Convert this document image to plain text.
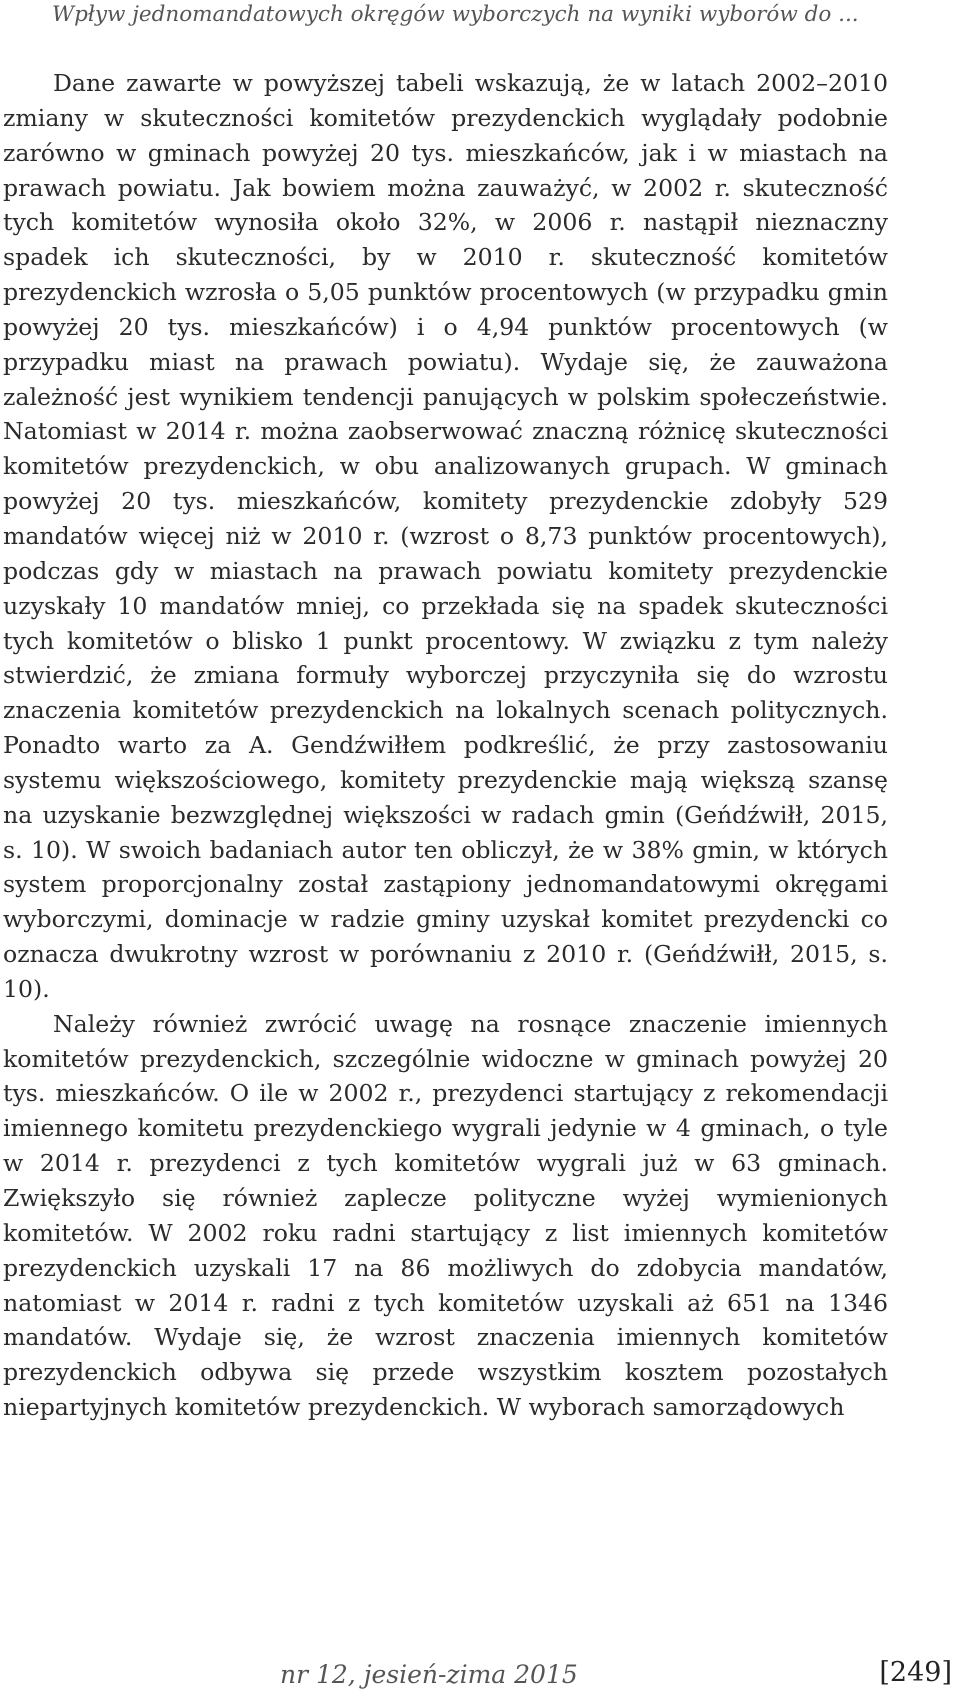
Wpływ jednomandatowych okręgów wyborczych na wyniki wyborów do ...

Dane zawarte w powyższej tabeli wskazują, że w latach 2002–2010 zmiany w skuteczności komitetów prezydenckich wyglądały podobnie zarówno w gminach powyżej 20 tys. mieszkańców, jak i w miastach na prawach powiatu. Jak bowiem można zauważyć, w 2002 r. skuteczność tych komitetów wynosiła około 32%, w 2006 r. nastąpił nieznaczny spadek ich skuteczności, by w 2010 r. skuteczność komitetów prezydenckich wzrosła o 5,05 punktów procentowych (w przypadku gmin powyżej 20 tys. mieszkańców) i o 4,94 punktów procentowych (w przypadku miast na prawach powiatu). Wydaje się, że zauważona zależność jest wynikiem tendencji panujących w polskim społeczeństwie. Natomiast w 2014 r. można zaobserwować znaczną różnicę skuteczności komitetów prezydenckich, w obu analizowanych grupach. W gminach powyżej 20 tys. mieszkańców, komitety prezydenckie zdobyły 529 mandatów więcej niż w 2010 r. (wzrost o 8,73 punktów procentowych), podczas gdy w miastach na prawach powiatu komitety prezydenckie uzyskały 10 mandatów mniej, co przekłada się na spadek skuteczności tych komitetów o blisko 1 punkt procentowy. W związku z tym należy stwierdzić, że zmiana formuły wyborczej przyczyniła się do wzrostu znaczenia komitetów prezydenckich na lokalnych scenach politycznych. Ponadto warto za A. Gendźwiłłem podkreślić, że przy zastosowaniu systemu większościowego, komitety prezydenckie mają większą szansę na uzyskanie bezwzględnej większości w radach gmin (Geńdźwiłł, 2015, s. 10). W swoich badaniach autor ten obliczył, że w 38% gmin, w których system proporcjonalny został zastąpiony jednomandatowymi okręgami wyborczymi, dominacje w radzie gminy uzyskał komitet prezydencki co oznacza dwukrotny wzrost w porównaniu z 2010 r. (Geńdźwiłł, 2015, s. 10).

Należy również zwrócić uwagę na rosnące znaczenie imiennych komitetów prezydenckich, szczególnie widoczne w gminach powyżej 20 tys. mieszkańców. O ile w 2002 r., prezydenci startujący z rekomendacji imiennego komitetu prezydenckiego wygrali jedynie w 4 gminach, o tyle w 2014 r. prezydenci z tych komitetów wygrali już w 63 gminach. Zwiększyło się również zaplecze polityczne wyżej wymienionych komitetów. W 2002 roku radni startujący z list imiennych komitetów prezydenckich uzyskali 17 na 86 możliwych do zdobycia mandatów, natomiast w 2014 r. radni z tych komitetów uzyskali aż 651 na 1346 mandatów. Wydaje się, że wzrost znaczenia imiennych komitetów prezydenckich odbywa się przede wszystkim kosztem pozostałych niepartyjnych komitetów prezydenckich. W wyborach samorządowych

nr 12, jesień-zima 2015	[249]
